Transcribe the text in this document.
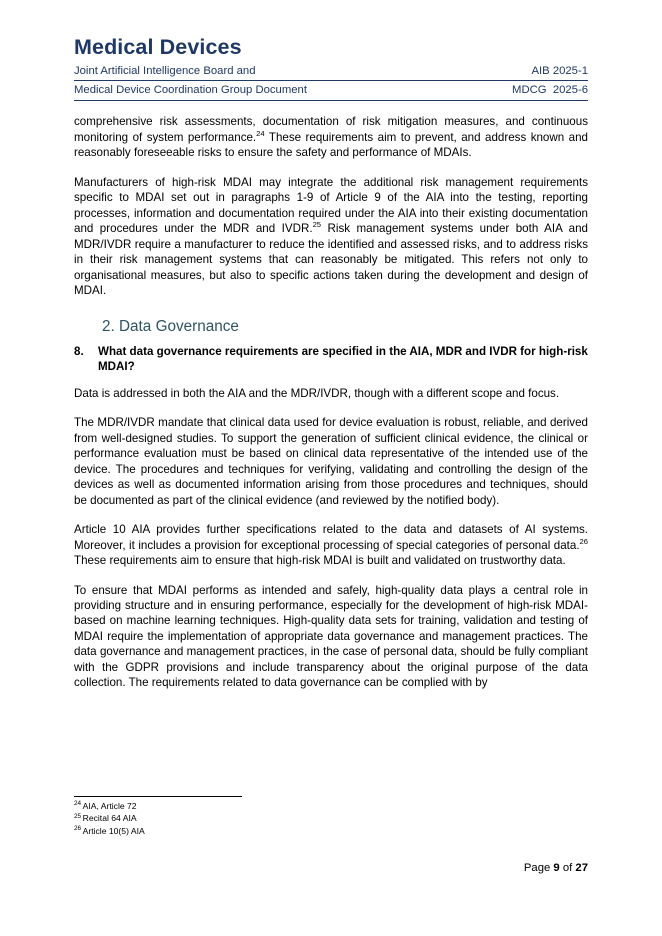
Medical Devices
Joint Artificial Intelligence Board and	AIB 2025-1
Medical Device Coordination Group Document	MDCG  2025-6

comprehensive risk assessments, documentation of risk mitigation measures, and continuous monitoring of system performance.$^{24}$ These requirements aim to prevent, and address known and reasonably foreseeable risks to ensure the safety and performance of MDAIs.

Manufacturers of high-risk MDAI may integrate the additional risk management requirements specific to MDAI set out in paragraphs 1-9 of Article 9 of the AIA into the testing, reporting processes, information and documentation required under the AIA into their existing documentation and procedures under the MDR and IVDR.$^{25}$ Risk management systems under both AIA and MDR/IVDR require a manufacturer to reduce the identified and assessed risks, and to address risks in their risk management systems that can reasonably be mitigated. This refers not only to organisational measures, but also to specific actions taken during the development and design of MDAI.

2. Data Governance
8.	What data governance requirements are specified in the AIA, MDR and IVDR for high-risk MDAI?

Data is addressed in both the AIA and the MDR/IVDR, though with a different scope and focus.

The MDR/IVDR mandate that clinical data used for device evaluation is robust, reliable, and derived from well-designed studies. To support the generation of sufficient clinical evidence, the clinical or performance evaluation must be based on clinical data representative of the intended use of the device. The procedures and techniques for verifying, validating and controlling the design of the devices as well as documented information arising from those procedures and techniques, should be documented as part of the clinical evidence (and reviewed by the notified body).

Article 10 AIA provides further specifications related to the data and datasets of AI systems. Moreover, it includes a provision for exceptional processing of special categories of personal data.$^{26}$ These requirements aim to ensure that high-risk MDAI is built and validated on trustworthy data.

To ensure that MDAI performs as intended and safely, high-quality data plays a central role in providing structure and in ensuring performance, especially for the development of high-risk MDAI-based on machine learning techniques. High-quality data sets for training, validation and testing of MDAI require the implementation of appropriate data governance and management practices. The data governance and management practices, in the case of personal data, should be fully compliant with the GDPR provisions and include transparency about the original purpose of the data collection. The requirements related to data governance can be complied with by

$^{24}$ AIA, Article 72

$^{25}$ Recital 64 AIA

$^{26}$ Article 10(5) AIA

Page 9 of 27
